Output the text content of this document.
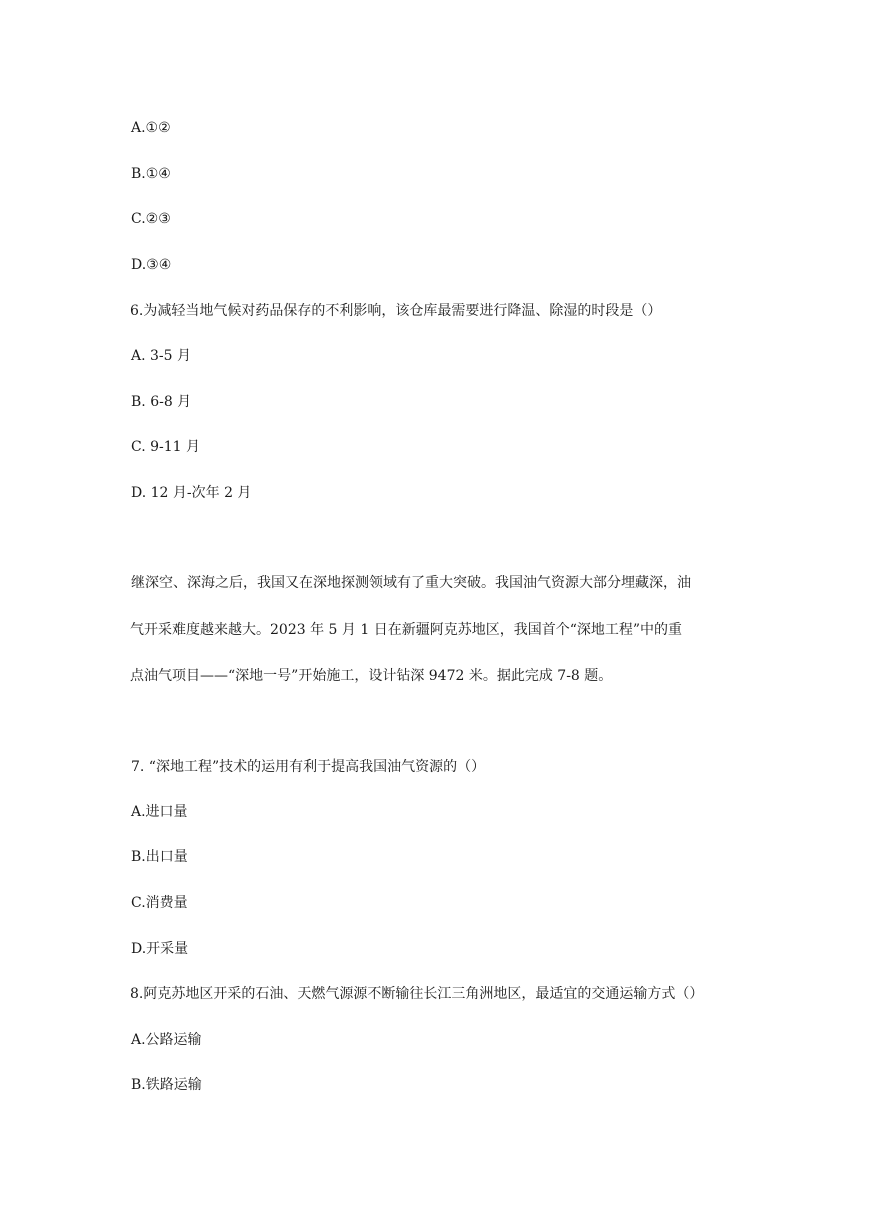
A.①②
B.①④
C.②③
D.③④
6.为减轻当地气候对药品保存的不利影响，该仓库最需要进行降温、除湿的时段是（）
A. 3-5 月
B. 6-8 月
C. 9-11 月
D. 12 月-次年 2 月
继深空、深海之后，我国又在深地探测领域有了重大突破。我国油气资源大部分埋藏深，油
气开采难度越来越大。2023 年 5 月 1 日在新疆阿克苏地区，我国首个“深地工程”中的重
点油气项目——“深地一号”开始施工，设计钻深 9472 米。据此完成 7-8 题。
7. “深地工程”技术的运用有利于提高我国油气资源的（）
A.进口量
B.出口量
C.消费量
D.开采量
8.阿克苏地区开采的石油、天燃气源源不断输往长江三角洲地区，最适宜的交通运输方式（）
A.公路运输
B.铁路运输
